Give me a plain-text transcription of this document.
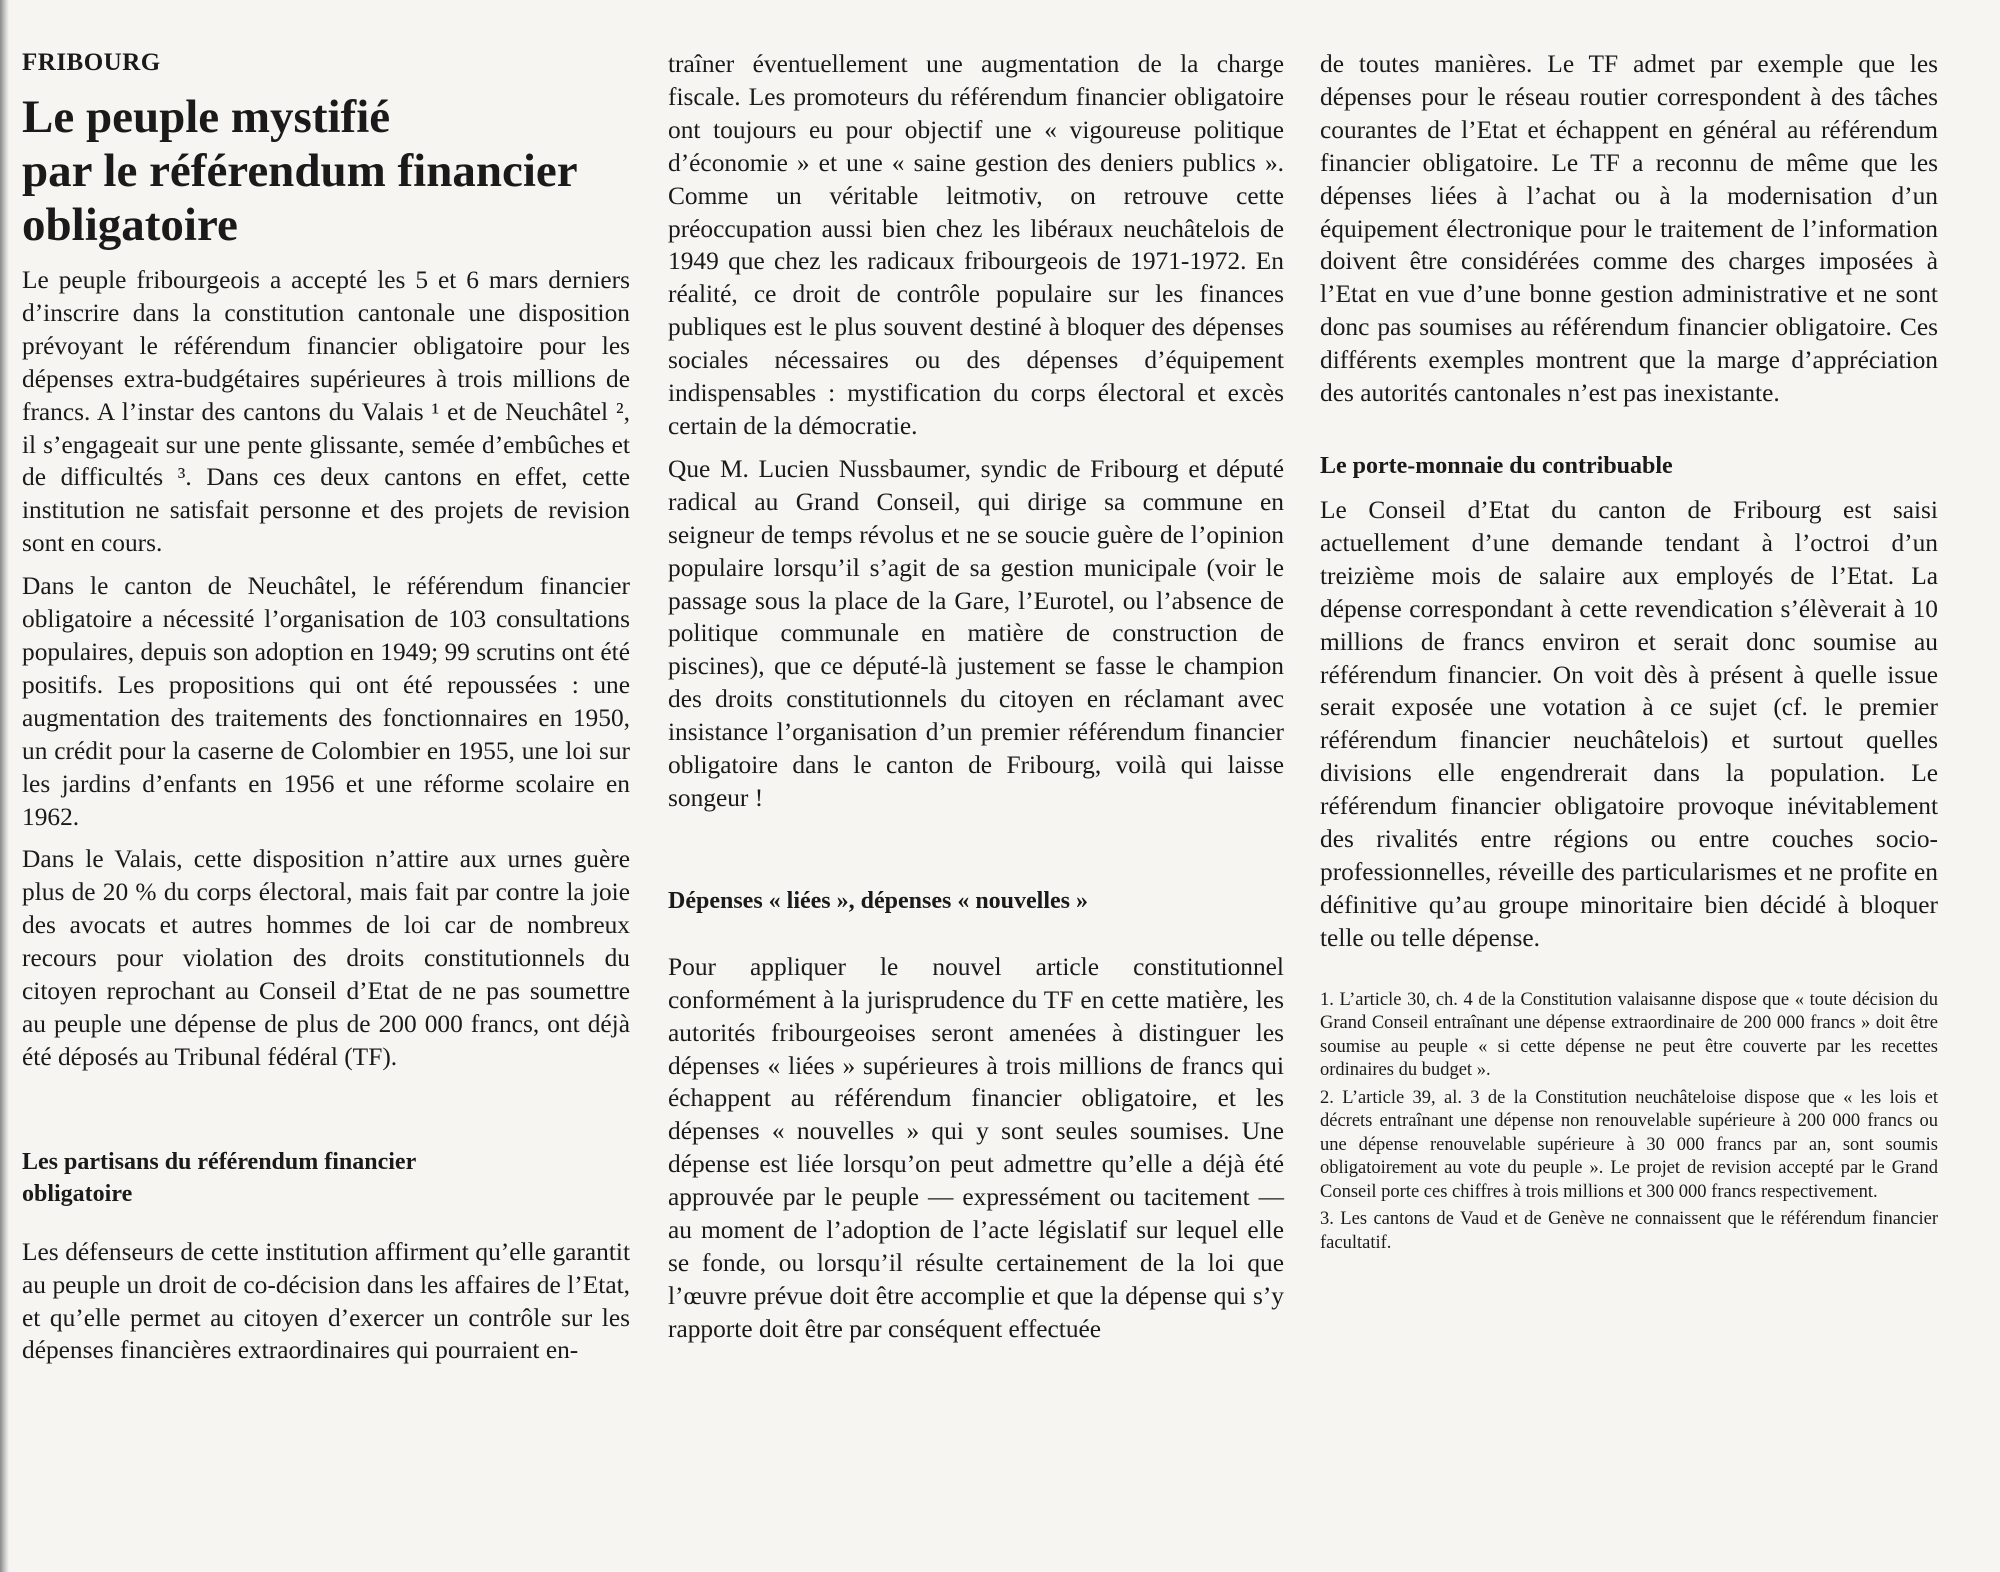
FRIBOURG
Le peuple mystifié
par le référendum financier
obligatoire

Le peuple fribourgeois a accepté les 5 et 6 mars derniers d’inscrire dans la constitution cantonale une disposition prévoyant le référendum financier obligatoire pour les dépenses extra-budgétaires supérieures à trois millions de francs. A l’instar des cantons du Valais ¹ et de Neuchâtel ², il s’engageait sur une pente glissante, semée d’embûches et de difficultés ³. Dans ces deux cantons en effet, cette institution ne satisfait personne et des projets de revision sont en cours.

Dans le canton de Neuchâtel, le référendum financier obligatoire a nécessité l’organisation de 103 consultations populaires, depuis son adoption en 1949; 99 scrutins ont été positifs. Les propositions qui ont été repoussées : une augmentation des traitements des fonctionnaires en 1950, un crédit pour la caserne de Colombier en 1955, une loi sur les jardins d’enfants en 1956 et une réforme scolaire en 1962.

Dans le Valais, cette disposition n’attire aux urnes guère plus de 20 % du corps électoral, mais fait par contre la joie des avocats et autres hommes de loi car de nombreux recours pour violation des droits constitutionnels du citoyen reprochant au Conseil d’Etat de ne pas soumettre au peuple une dépense de plus de 200 000 francs, ont déjà été déposés au Tribunal fédéral (TF).

Les partisans du référendum financier
obligatoire

Les défenseurs de cette institution affirment qu’elle garantit au peuple un droit de co-décision dans les affaires de l’Etat, et qu’elle permet au citoyen d’exercer un contrôle sur les dépenses financières extraordinaires qui pourraient en-

traîner éventuellement une augmentation de la charge fiscale. Les promoteurs du référendum financier obligatoire ont toujours eu pour objectif une « vigoureuse politique d’économie » et une « saine gestion des deniers publics ». Comme un véritable leitmotiv, on retrouve cette préoccupation aussi bien chez les libéraux neuchâtelois de 1949 que chez les radicaux fribourgeois de 1971-1972. En réalité, ce droit de contrôle populaire sur les finances publiques est le plus souvent destiné à bloquer des dépenses sociales nécessaires ou des dépenses d’équipement indispensables : mystification du corps électoral et excès certain de la démocratie.

Que M. Lucien Nussbaumer, syndic de Fribourg et député radical au Grand Conseil, qui dirige sa commune en seigneur de temps révolus et ne se soucie guère de l’opinion populaire lorsqu’il s’agit de sa gestion municipale (voir le passage sous la place de la Gare, l’Eurotel, ou l’absence de politique communale en matière de construction de piscines), que ce député-là justement se fasse le champion des droits constitutionnels du citoyen en réclamant avec insistance l’organisation d’un premier référendum financier obligatoire dans le canton de Fribourg, voilà qui laisse songeur !

Dépenses « liées », dépenses « nouvelles »

Pour appliquer le nouvel article constitutionnel conformément à la jurisprudence du TF en cette matière, les autorités fribourgeoises seront amenées à distinguer les dépenses « liées » supérieures à trois millions de francs qui échappent au référendum financier obligatoire, et les dépenses « nouvelles » qui y sont seules soumises. Une dépense est liée lorsqu’on peut admettre qu’elle a déjà été approuvée par le peuple — expressément ou tacitement — au moment de l’adoption de l’acte législatif sur lequel elle se fonde, ou lorsqu’il résulte certainement de la loi que l’œuvre prévue doit être accomplie et que la dépense qui s’y rapporte doit être par conséquent effectuée

de toutes manières. Le TF admet par exemple que les dépenses pour le réseau routier correspondent à des tâches courantes de l’Etat et échappent en général au référendum financier obligatoire. Le TF a reconnu de même que les dépenses liées à l’achat ou à la modernisation d’un équipement électronique pour le traitement de l’information doivent être considérées comme des charges imposées à l’Etat en vue d’une bonne gestion administrative et ne sont donc pas soumises au référendum financier obligatoire. Ces différents exemples montrent que la marge d’appréciation des autorités cantonales n’est pas inexistante.

Le porte-monnaie du contribuable

Le Conseil d’Etat du canton de Fribourg est saisi actuellement d’une demande tendant à l’octroi d’un treizième mois de salaire aux employés de l’Etat. La dépense correspondant à cette revendication s’élèverait à 10 millions de francs environ et serait donc soumise au référendum financier. On voit dès à présent à quelle issue serait exposée une votation à ce sujet (cf. le premier référendum financier neuchâtelois) et surtout quelles divisions elle engendrerait dans la population. Le référendum financier obligatoire provoque inévitablement des rivalités entre régions ou entre couches socio-professionnelles, réveille des particularismes et ne profite en définitive qu’au groupe minoritaire bien décidé à bloquer telle ou telle dépense.

1. L’article 30, ch. 4 de la Constitution valaisanne dispose que « toute décision du Grand Conseil entraînant une dépense extraordinaire de 200 000 francs » doit être soumise au peuple « si cette dépense ne peut être couverte par les recettes ordinaires du budget ».
2. L’article 39, al. 3 de la Constitution neuchâteloise dispose que « les lois et décrets entraînant une dépense non renouvelable supérieure à 200 000 francs ou une dépense renouvelable supérieure à 30 000 francs par an, sont soumis obligatoirement au vote du peuple ». Le projet de revision accepté par le Grand Conseil porte ces chiffres à trois millions et 300 000 francs respectivement.
3. Les cantons de Vaud et de Genève ne connaissent que le référendum financier facultatif.
